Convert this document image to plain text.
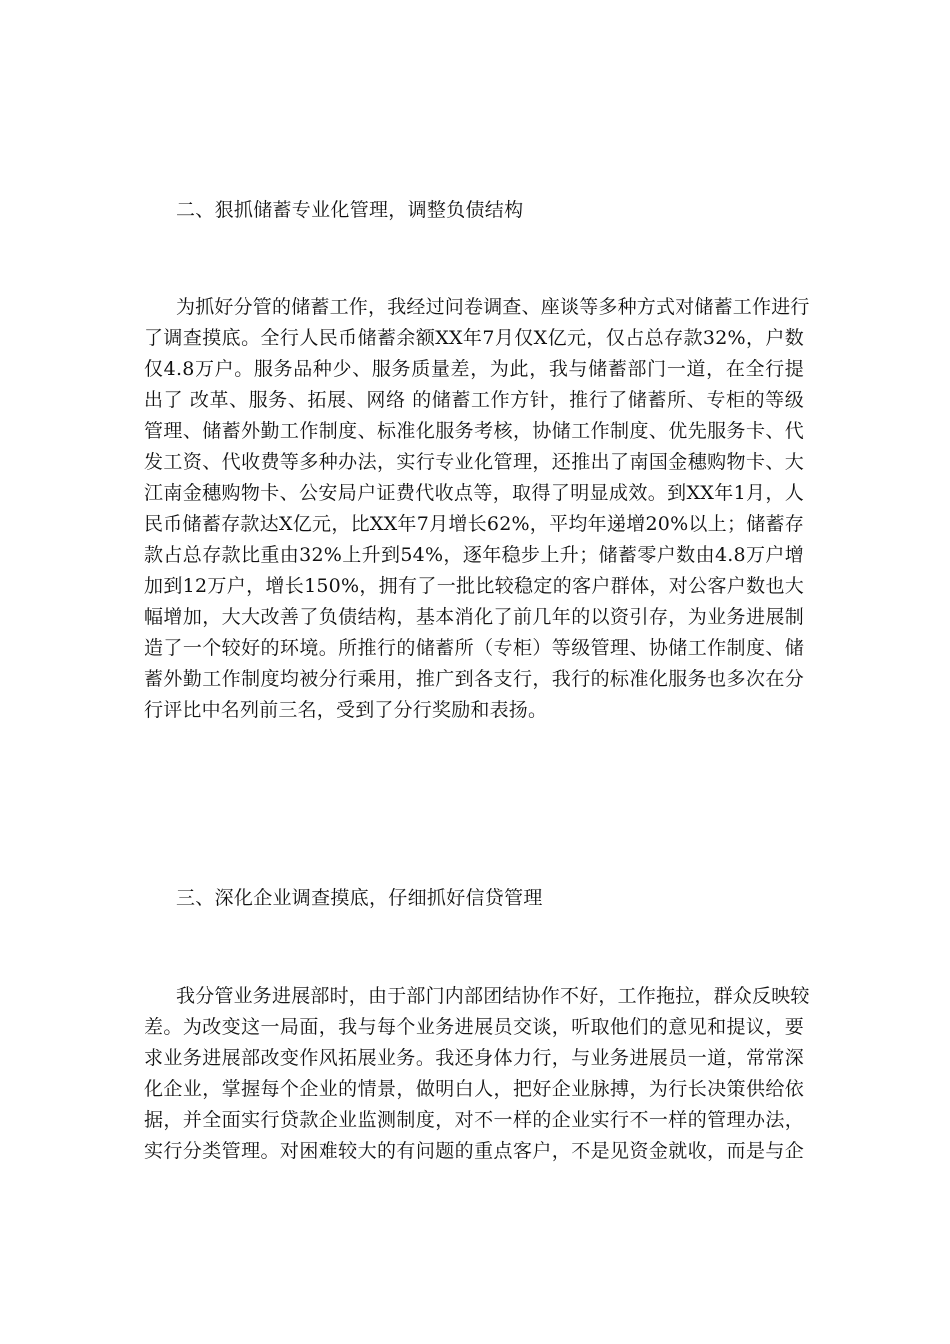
二、狠抓储蓄专业化管理，调整负债结构
为抓好分管的储蓄工作，我经过问卷调查、座谈等多种方式对储蓄工作进行
了调查摸底。全行人民币储蓄余额XX年7月仅X亿元，仅占总存款32%，户数
仅4.8万户。服务品种少、服务质量差，为此，我与储蓄部门一道，在全行提
出了 改革、服务、拓展、网络 的储蓄工作方针，推行了储蓄所、专柜的等级
管理、储蓄外勤工作制度、标准化服务考核，协储工作制度、优先服务卡、代
发工资、代收费等多种办法，实行专业化管理，还推出了南国金穗购物卡、大
江南金穗购物卡、公安局户证费代收点等，取得了明显成效。到XX年1月，人
民币储蓄存款达X亿元，比XX年7月增长62%，平均年递增20%以上；储蓄存
款占总存款比重由32%上升到54%，逐年稳步上升；储蓄零户数由4.8万户增
加到12万户，增长150%，拥有了一批比较稳定的客户群体，对公客户数也大
幅增加，大大改善了负债结构，基本消化了前几年的以资引存，为业务进展制
造了一个较好的环境。所推行的储蓄所（专柜）等级管理、协储工作制度、储
蓄外勤工作制度均被分行乘用，推广到各支行，我行的标准化服务也多次在分
行评比中名列前三名，受到了分行奖励和表扬。
三、深化企业调查摸底，仔细抓好信贷管理
我分管业务进展部时，由于部门内部团结协作不好，工作拖拉，群众反映较
差。为改变这一局面，我与每个业务进展员交谈，听取他们的意见和提议，要
求业务进展部改变作风拓展业务。我还身体力行，与业务进展员一道，常常深
化企业，掌握每个企业的情景，做明白人，把好企业脉搏，为行长决策供给依
据，并全面实行贷款企业监测制度，对不一样的企业实行不一样的管理办法，
实行分类管理。对困难较大的有问题的重点客户，不是见资金就收，而是与企
